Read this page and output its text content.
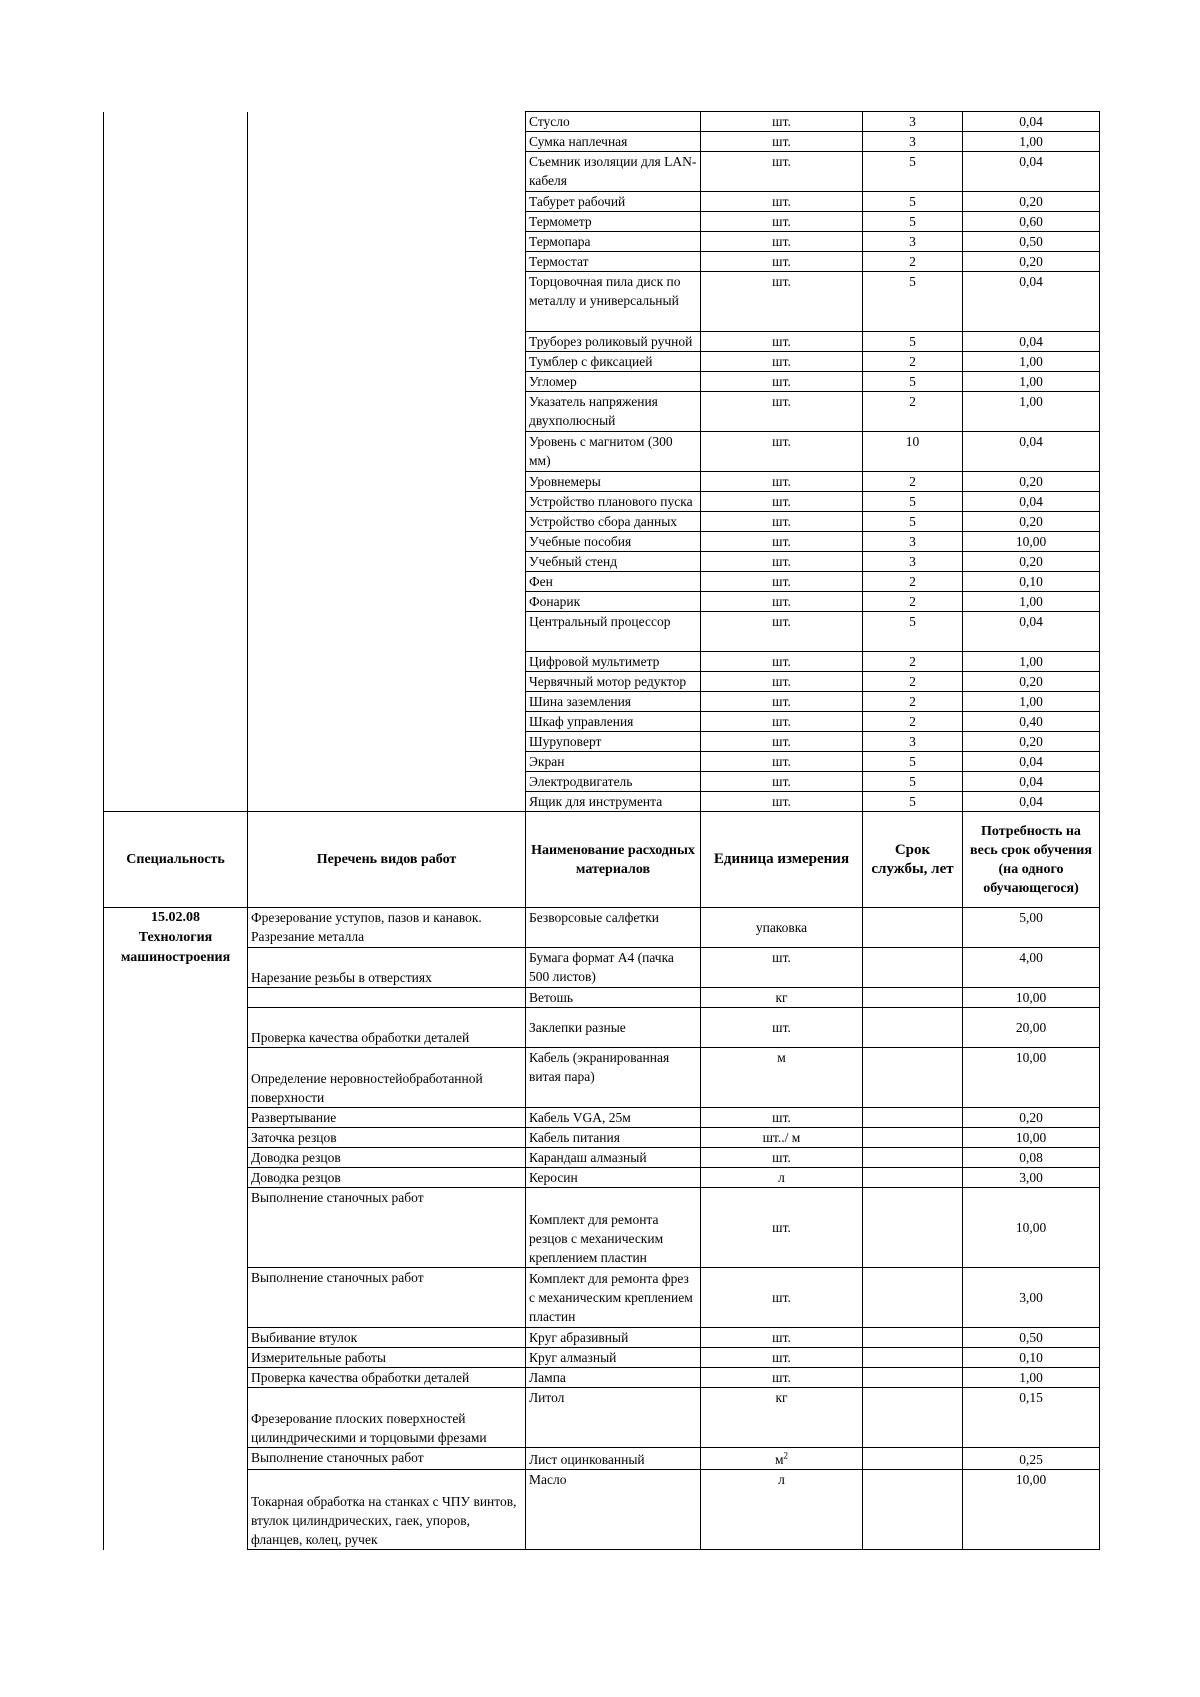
		Стусло	шт.	3	0,04
		Сумка наплечная	шт.	3	1,00
		Съемник изоляции для LAN-кабеля	шт.	5	0,04
		Табурет рабочий	шт.	5	0,20
		Термометр	шт.	5	0,60
		Термопара	шт.	3	0,50
		Термостат	шт.	2	0,20
		Торцовочная пила диск по металлу и универсальный	шт.	5	0,04
		Труборез роликовый ручной	шт.	5	0,04
		Тумблер с фиксацией	шт.	2	1,00
		Угломер	шт.	5	1,00
		Указатель напряжения двухполюсный	шт.	2	1,00
		Уровень с магнитом (300 мм)	шт.	10	0,04
		Уровнемеры	шт.	2	0,20
		Устройство планового пуска	шт.	5	0,04
		Устройство сбора данных	шт.	5	0,20
		Учебные пособия	шт.	3	10,00
		Учебный стенд	шт.	3	0,20
		Фен	шт.	2	0,10
		Фонарик	шт.	2	1,00
		Центральный процессор	шт.	5	0,04
		Цифровой мультиметр	шт.	2	1,00
		Червячный мотор редуктор	шт.	2	0,20
		Шина заземления	шт.	2	1,00
		Шкаф управления	шт.	2	0,40
		Шуруповерт	шт.	3	0,20
		Экран	шт.	5	0,04
		Электродвигатель	шт.	5	0,04
		Ящик для инструмента	шт.	5	0,04
Специальность	Перечень видов работ	Наименование расходных материалов	Единица измерения	Срок службы, лет	Потребность на весь срок обучения (на одного обучающегося)

15.02.08
Технология машиностроения	Фрезерование уступов, пазов и канавок. Разрезание металла	Безворсовые салфетки	упаковка		5,00
	Нарезание резьбы в отверстиях	Бумага формат А4 (пачка 500 листов)	шт.		4,00
		Ветошь	кг		10,00
	Проверка качества обработки деталей	Заклепки разные	шт.		20,00
	Определение неровностейобработанной поверхности	Кабель (экранированная витая пара)	м		10,00
	Развертывание	Кабель VGA, 25м	шт.		0,20
	Заточка резцов	Кабель питания	шт../ м		10,00
	Доводка резцов	Карандаш алмазный	шт.		0,08
	Доводка резцов	Керосин	л		3,00
	Выполнение станочных работ	Комплект для ремонта резцов с механическим креплением пластин	шт.		10,00
	Выполнение станочных работ	Комплект для ремонта фрез с механическим креплением пластин	шт.		3,00
	Выбивание втулок	Круг абразивный	шт.		0,50
	Измерительные работы	Круг алмазный	шт.		0,10
	Проверка качества обработки деталей	Лампа	шт.		1,00
	Фрезерование плоских поверхностей цилиндрическими и торцовыми фрезами	Литол	кг		0,15
	Выполнение станочных работ	Лист оцинкованный	$м^2$		0,25
	Токарная обработка на станках с ЧПУ винтов, втулок цилиндрических, гаек, упоров, фланцев, колец, ручек	Масло	л		10,00
